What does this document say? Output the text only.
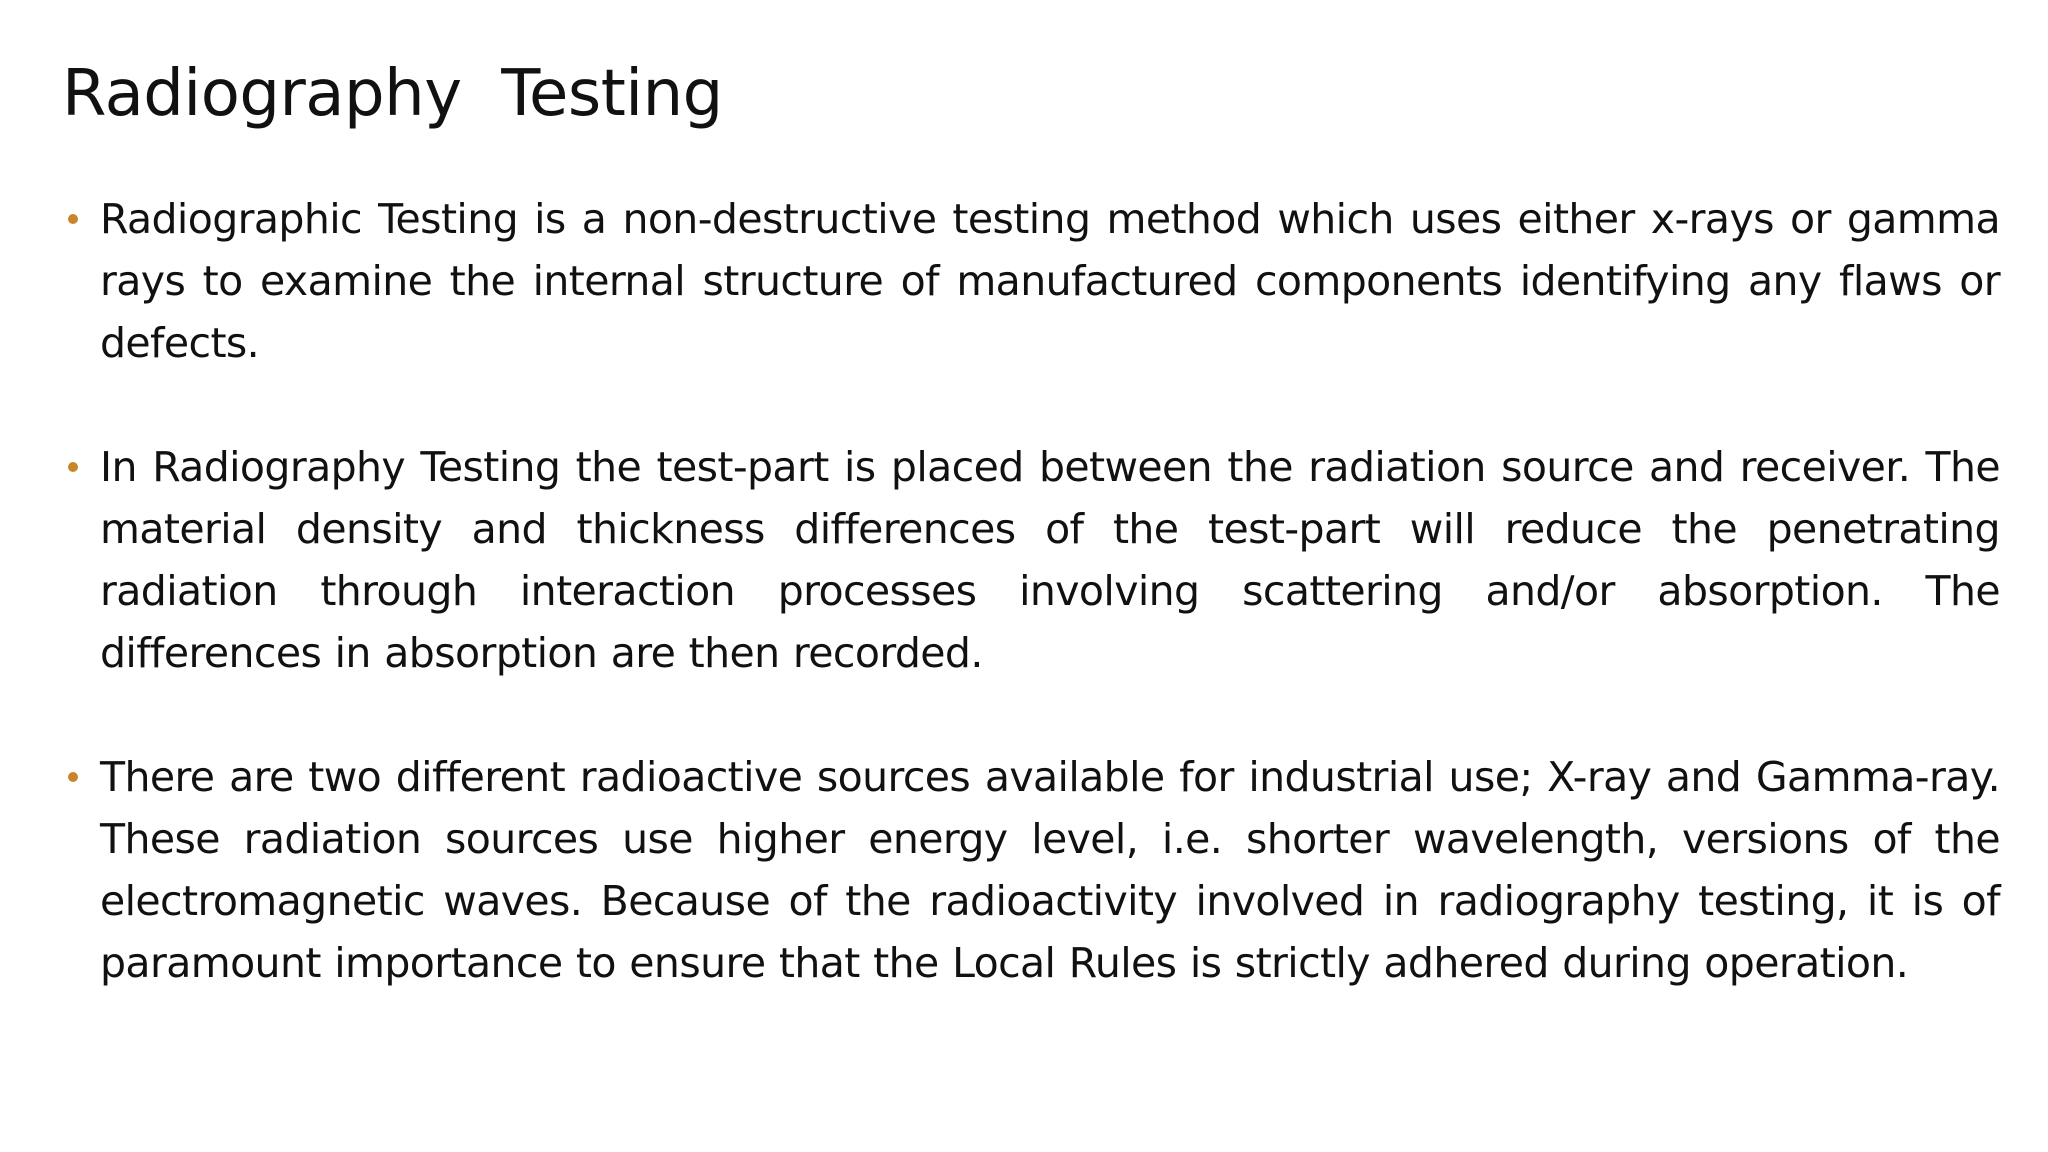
Radiography  Testing

Radiographic Testing is a non-destructive testing method which uses either x-rays or gamma rays to examine the internal structure of manufactured components identifying any flaws or defects.

In Radiography Testing the test-part is placed between the radiation source and receiver. The material density and thickness differences of the test-part will reduce the penetrating radiation through interaction processes involving scattering and/or absorption. The differences in absorption are then recorded.

There are two different radioactive sources available for industrial use; X-ray and Gamma-ray. These radiation sources use higher energy level, i.e. shorter wavelength, versions of the electromagnetic waves. Because of the radioactivity involved in radiography testing, it is of paramount importance to ensure that the Local Rules is strictly adhered during operation.
